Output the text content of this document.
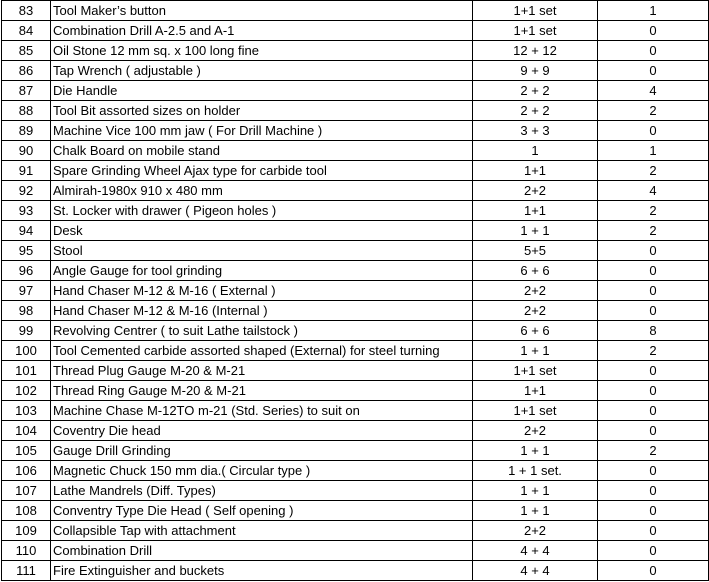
83	Tool Maker’s button	1+1 set	1
84	Combination Drill A-2.5 and A-1	1+1 set	0
85	Oil Stone 12 mm sq. x 100 long fine	12 + 12	0
86	Tap Wrench ( adjustable )	9 + 9	0
87	Die Handle	2 + 2	4
88	Tool Bit assorted sizes on holder	2 + 2	2
89	Machine Vice 100 mm jaw ( For Drill Machine )	3 + 3	0
90	Chalk Board on mobile stand	1	1
91	Spare Grinding Wheel Ajax type for carbide tool	1+1	2
92	Almirah-1980x 910 x 480 mm	2+2	4
93	St. Locker with drawer ( Pigeon holes )	1+1	2
94	Desk	1 + 1	2
95	Stool	5+5	0
96	Angle Gauge for tool grinding	6 + 6	0
97	Hand Chaser M-12 & M-16 ( External )	2+2	0
98	Hand Chaser M-12 & M-16 (Internal )	2+2	0
99	Revolving Centrer ( to suit Lathe tailstock )	6 + 6	8
100	Tool Cemented carbide assorted shaped (External) for steel turning	1 + 1	2
101	Thread Plug Gauge M-20 & M-21	1+1 set	0
102	Thread Ring Gauge M-20 & M-21	1+1	0
103	Machine Chase M-12TO m-21 (Std. Series) to suit on	1+1 set	0
104	Coventry Die head	2+2	0
105	Gauge Drill Grinding	1 + 1	2
106	Magnetic Chuck 150 mm dia.( Circular type )	1 + 1 set.	0
107	Lathe Mandrels (Diff. Types)	1 + 1	0
108	Conventry Type Die Head ( Self opening )	1 + 1	0
109	Collapsible Tap with attachment	2+2	0
110	Combination Drill	4 + 4	0
111	Fire Extinguisher and buckets	4 + 4	0
